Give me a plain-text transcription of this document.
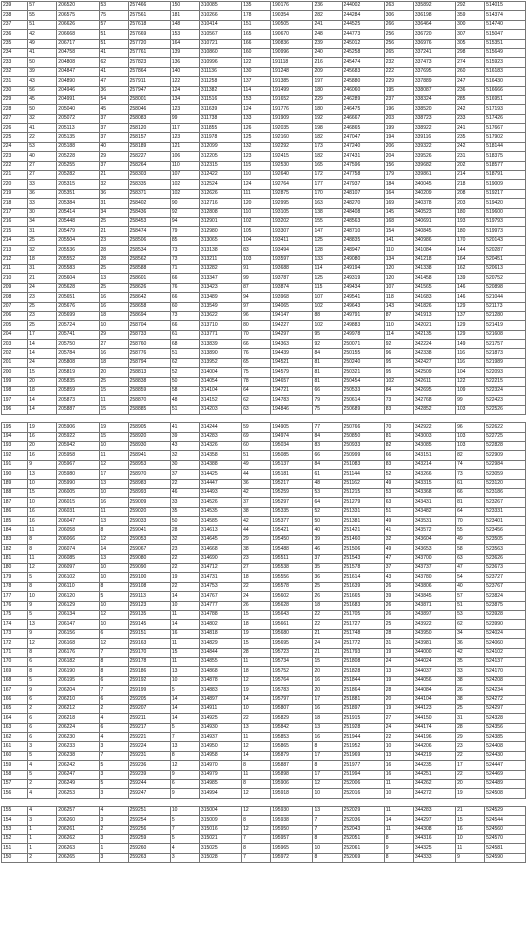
239	57	206520	53	257466	150	310085	135	190176	236	244002	263	335892	292	514015
238	55	206575	75	257561	181	310266	178	190354	282	244284	306	336198	359	514374
237	51	206626	57	257618	148	310414	151	190505	241	244525	266	336464	300	514740
236	42	206668	51	257669	153	310567	165	190670	248	244773	256	336720	307	515047
235	49	206717	51	257720	164	310721	166	190836	239	245012	256	336976	305	515351
234	41	204758	41	257761	139	310860	160	190996	240	245258	265	337241	298	515649
233	50	204808	62	257823	136	310996	122	191118	216	245474	232	337473	274	515923
232	39	204847	41	257864	140	311136	130	191248	209	245683	222	337695	260	516183
231	43	204890	47	257911	122	311258	137	191385	197	245880	229	337889	247	516430
230	56	204946	36	257947	124	311382	114	191499	180	246060	195	338087	236	516666
229	45	204991	54	258001	134	311516	153	191652	229	246289	237	338324	285	516951
228	50	205040	45	258046	123	311639	124	191776	180	246475	196	338520	242	517193
227	32	205072	37	258083	99	311738	133	191909	192	246667	203	338723	233	517426
226	41	205113	37	258120	117	311855	126	192035	198	246865	199	338922	241	517667
225	22	205135	37	258157	123	311978	125	192160	182	247047	194	339116	235	517902
224	53	205188	40	258189	121	312099	132	192292	173	247240	206	339322	242	518144
223	40	205228	29	258227	106	312205	123	192415	182	247431	204	339526	231	518375
222	27	205255	37	258264	110	312315	115	192530	165	247596	156	339682	202	518577
221	27	205282	21	258303	107	312422	110	192640	172	247758	179	339861	214	518791
220	33	205315	32	258335	102	312524	124	192764	177	247937	184	340045	218	519009
219	36	205351	36	258371	102	312626	111	192875	170	248107	164	340209	208	519217
218	33	205384	31	258402	90	312716	120	192995	163	248270	169	340378	203	519420
217	30	205414	34	258436	92	312808	110	193105	138	248408	145	340523	180	519600
216	34	205448	25	258453	94	312901	102	193202	155	248563	168	340691	193	519793
215	31	205479	21	258474	79	312980	105	193307	147	248710	154	340845	180	519973
214	25	205504	23	258506	85	313065	104	193411	125	248835	141	340986	170	520143
213	32	205536	28	258534	73	313138	83	193494	128	248947	110	341084	144	520287
212	18	205552	28	258562	73	313211	103	193597	133	249080	134	341218	164	520451
211	31	205583	25	258588	71	313282	91	193688	114	249194	120	341338	162	520613
210	21	205604	13	258601	66	313347	99	193787	125	249319	120	341458	139	520752
209	24	205628	25	258626	76	313423	87	193874	115	249434	107	341565	146	520898
208	23	205651	16	258642	66	313489	94	193968	107	249541	118	341683	146	521044
207	25	205676	16	258658	60	313549	97	194065	102	249643	143	341826	129	521173
206	23	205699	18	258694	73	313622	96	194147	88	249791	87	341913	137	521280
205	25	205724	10	258704	66	313710	80	194227	102	249883	110	342021	129	521419
204	17	205741	29	258733	61	313771	70	194297	95	249978	114	342135	129	521608
203	14	205750	27	258760	68	313839	66	194363	92	250071	92	342224	149	521757
202	14	205784	16	258776	51	313890	76	194439	84	250155	96	342338	116	521873
201	24	205808	18	258794	62	313952	65	194521	81	250240	95	342427	116	521989
200	15	205819	20	258813	52	314004	75	194579	81	250321	95	342509	104	522093
199	20	205835	25	258838	50	314054	78	194657	81	250454	102	342611	122	522215
198	18	205859	15	258859	58	314104	64	194721	66	250533	84	342695	109	522324
197	14	205873	11	258870	48	314152	62	194783	79	250614	73	342768	99	522423
196	14	205887	15	258885	51	314203	63	194846	75	250689	83	342852	103	522526
195	19	205906	19	258905	41	314244	59	194905	77	250766	70	342922	96	522622
194	16	205922	15	258920	39	314283	69	194974	84	250850	81	343003	103	522725
193	20	205942	10	258930	43	314326	60	195034	83	250933	82	343085	103	522828
192	16	205958	11	258941	32	314358	51	195085	66	250999	66	343151	82	522909
191	9	205967	12	258953	30	314388	49	195137	84	251083	83	343214	74	522984
190	13	205980	17	258970	37	314425	44	195181	61	251144	52	343266	73	523059
189	10	205990	13	258983	22	314447	36	195217	48	251162	49	343315	61	523120
188	15	206005	10	258993	46	314493	42	195259	53	251215	53	343368	66	523186
187	10	206015	16	259009	33	314526	37	195297	64	251279	63	343431	81	523267
186	16	206031	11	259020	35	314535	38	195335	52	251331	51	343482	64	523331
185	16	206047	13	259033	50	314585	42	195377	50	251381	49	343531	70	523401
184	11	206058	8	259041	28	314613	44	195421	40	251421	41	343572	55	523456
183	8	206066	12	259053	32	314645	29	195450	39	251460	32	343604	49	523505
182	8	206074	14	259067	23	314668	38	195488	46	251506	49	343653	58	523563
181	11	206085	13	259080	22	314690	23	195511	37	251543	47	343700	63	523626
180	12	206097	10	259090	22	314712	27	195538	35	251578	37	343737	47	523673
179	5	206102	10	259100	19	314731	18	195556	36	251614	43	343780	54	523727
178	8	206110	8	259108	22	314753	22	195578	25	251639	26	343806	40	523767
177	10	206120	5	259113	14	314767	24	195602	26	251665	39	343845	57	523824
176	9	206129	10	259123	10	314777	26	195628	18	251683	26	343871	51	523875
175	5	206134	12	259135	11	314788	15	195643	22	251705	26	343897	53	523928
174	13	206147	10	259145	14	314802	18	195661	22	251727	25	343922	62	523990
173	9	206156	6	259151	16	314818	19	195680	21	251748	28	343950	34	524024
172	12	206168	12	259163	11	314829	15	195695	24	251772	31	343981	36	524060
171	8	206176	7	259170	15	314844	28	195723	21	251793	19	344000	42	524102
170	6	206182	8	259178	11	314855	11	195734	15	251808	24	344024	35	524137
169	8	206190	8	259186	13	314868	18	195752	20	251828	13	344037	33	524170
168	5	206195	6	259192	10	314878	12	195764	16	251844	19	344056	38	524208
167	9	206204	7	259199	5	314883	19	195783	20	251864	28	344084	26	524234
166	6	206210	6	259205	14	314897	14	195797	17	251881	20	344104	38	524272
165	2	206212	2	259207	14	314911	10	195807	16	251897	19	344123	25	524297
164	6	206218	4	259211	14	314925	22	195829	18	251915	27	344150	31	524328
163	6	206224	6	259217	5	314930	13	195842	13	251928	24	344174	28	524356
162	6	206230	4	259221	7	314937	11	195853	16	251944	22	344196	29	524385
161	3	206233	3	259224	13	314950	12	195865	8	251952	10	344206	23	524408
160	5	206238	7	259231	8	314958	14	195879	17	251969	13	344219	22	524430
159	4	206242	5	259236	12	314970	8	195887	8	251977	16	344235	17	524447
158	5	206247	3	259239	9	314979	11	195898	17	251994	16	344251	22	524469
157	2	206249	5	259244	6	314985	8	195906	12	252006	11	344262	20	524489
156	4	206253	3	259247	9	314994	12	195918	10	252016	10	344272	19	524508
155	4	206257	4	259251	10	315004	12	195930	13	252029	11	344283	21	524529
154	3	206260	3	259254	5	315009	8	195938	7	252036	14	344297	15	524544
153	1	206261	2	259256	7	315016	12	195950	7	252043	11	344308	16	524560
152	1	206262	3	259259	5	315021	7	195957	8	252051	8	344316	10	524570
151	1	206263	1	259260	4	315025	8	195965	10	252061	9	344325	11	524581
150	2	206265	3	259263	3	315028	7	195972	8	252069	8	344333	9	524590
